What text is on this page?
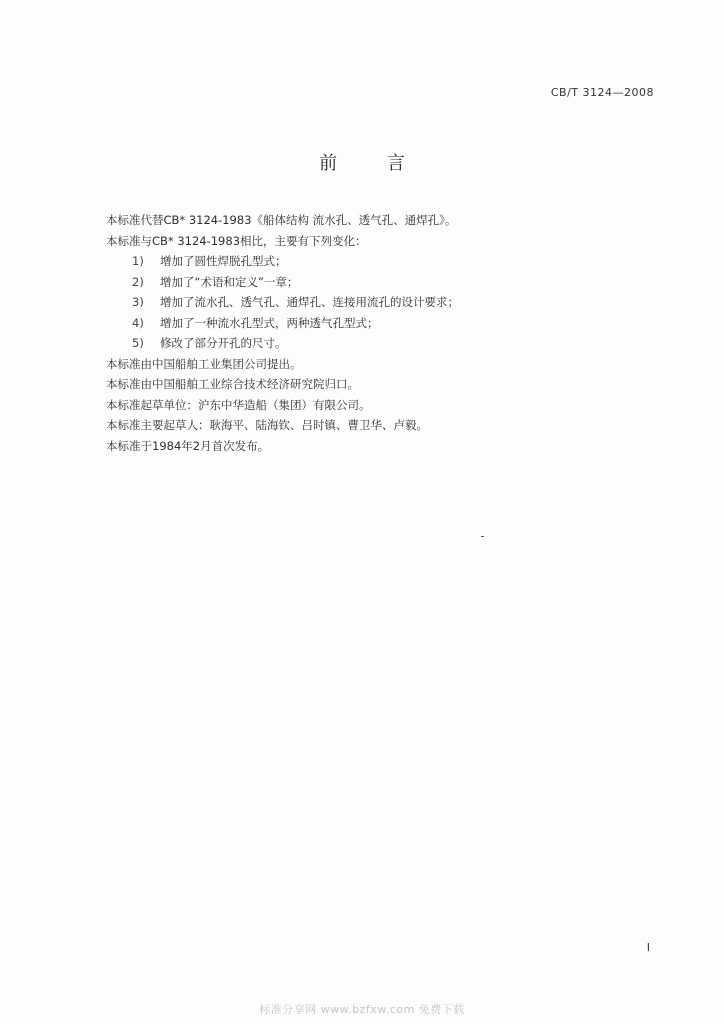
CB/T 3124—2008
前 言
本标准代替CB* 3124-1983《船体结构 流水孔、透气孔、通焊孔》。
本标准与CB* 3124-1983相比，主要有下列变化：
1) 增加了圆性焊脱孔型式；
2) 增加了“术语和定义”一章；
3) 增加了流水孔、透气孔、通焊孔、连接用流孔的设计要求；
4) 增加了一种流水孔型式，两种透气孔型式；
5) 修改了部分开孔的尺寸。
本标准由中国船舶工业集团公司提出。
本标准由中国船舶工业综合技术经济研究院归口。
本标准起草单位：沪东中华造船（集团）有限公司。
本标准主要起草人：耿海平、陆海钦、吕时镇、曹卫华、卢毅。
本标准于1984年2月首次发布。
I
标准分享网 www.bzfxw.com 免费下载
